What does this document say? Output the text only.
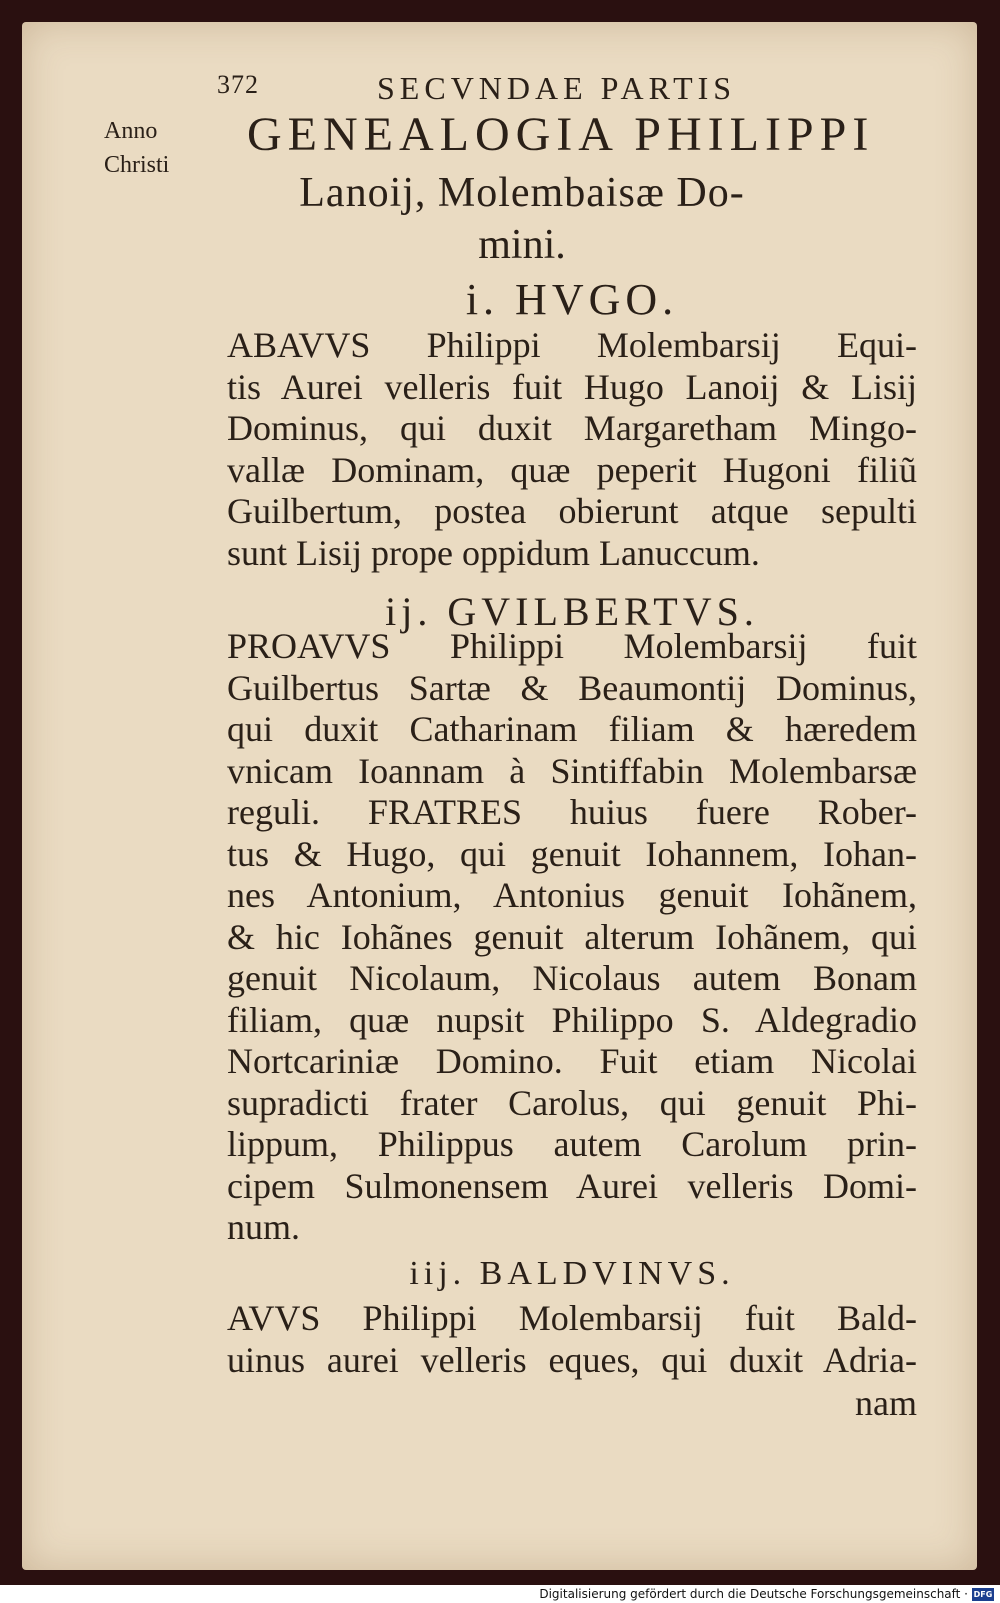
372	SECVNDAE PARTIS
Anno
Christi
GENEALOGIA PHILIPPI
Lanoij, Molembaisæ Do-
mini.
i. HVGO.
ABAVVS Philippi Molembarsij Equi-
tis Aurei velleris fuit Hugo Lanoij & Lisij
Dominus, qui duxit Margaretham Mingo-
vallæ Dominam, quæ peperit Hugoni filiũ
Guilbertum, postea obierunt atque sepulti
sunt Lisij prope oppidum Lanuccum.
ij. GVILBERTVS.
PROAVVS Philippi Molembarsij fuit
Guilbertus Sartæ & Beaumontij Dominus,
qui duxit Catharinam filiam & hæredem
vnicam Ioannam à Sintiffabin Molembarsæ
reguli. FRATRES huius fuere Rober-
tus & Hugo, qui genuit Iohannem, Iohan-
nes Antonium, Antonius genuit Iohãnem,
& hic Iohãnes genuit alterum Iohãnem, qui
genuit Nicolaum, Nicolaus autem Bonam
filiam, quæ nupsit Philippo S. Aldegradio
Nortcariniæ Domino. Fuit etiam Nicolai
supradicti frater Carolus, qui genuit Phi-
lippum, Philippus autem Carolum prin-
cipem Sulmonensem Aurei velleris Domi-
num.
iij. BALDVINVS.
AVVS Philippi Molembarsij fuit Bald-
uinus aurei velleris eques, qui duxit Adria-
nam
Digitalisierung gefördert durch die Deutsche Forschungsgemeinschaft · DFG
